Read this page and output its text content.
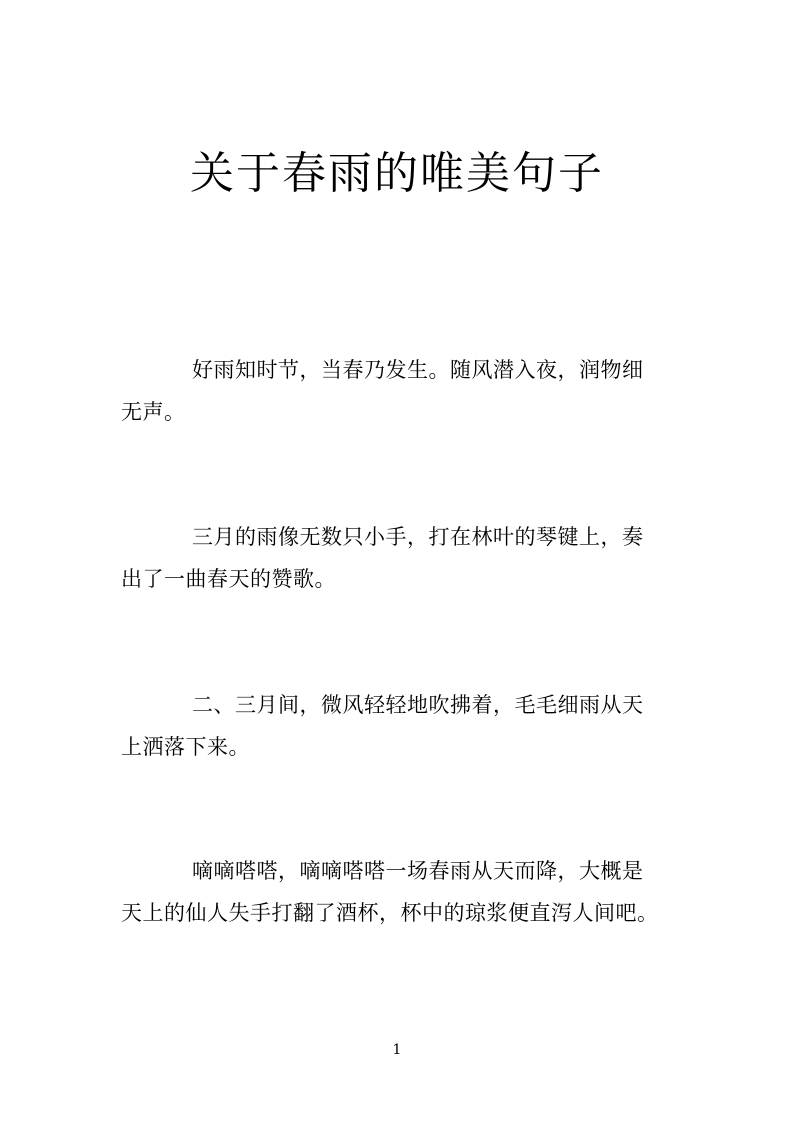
关于春雨的唯美句子

好雨知时节，当春乃发生。随风潜入夜，润物细无声。

三月的雨像无数只小手，打在林叶的琴键上，奏出了一曲春天的赞歌。

二、三月间，微风轻轻地吹拂着，毛毛细雨从天上洒落下来。

嘀嘀嗒嗒，嘀嘀嗒嗒一场春雨从天而降，大概是天上的仙人失手打翻了酒杯，杯中的琼浆便直泻人间吧。

1
